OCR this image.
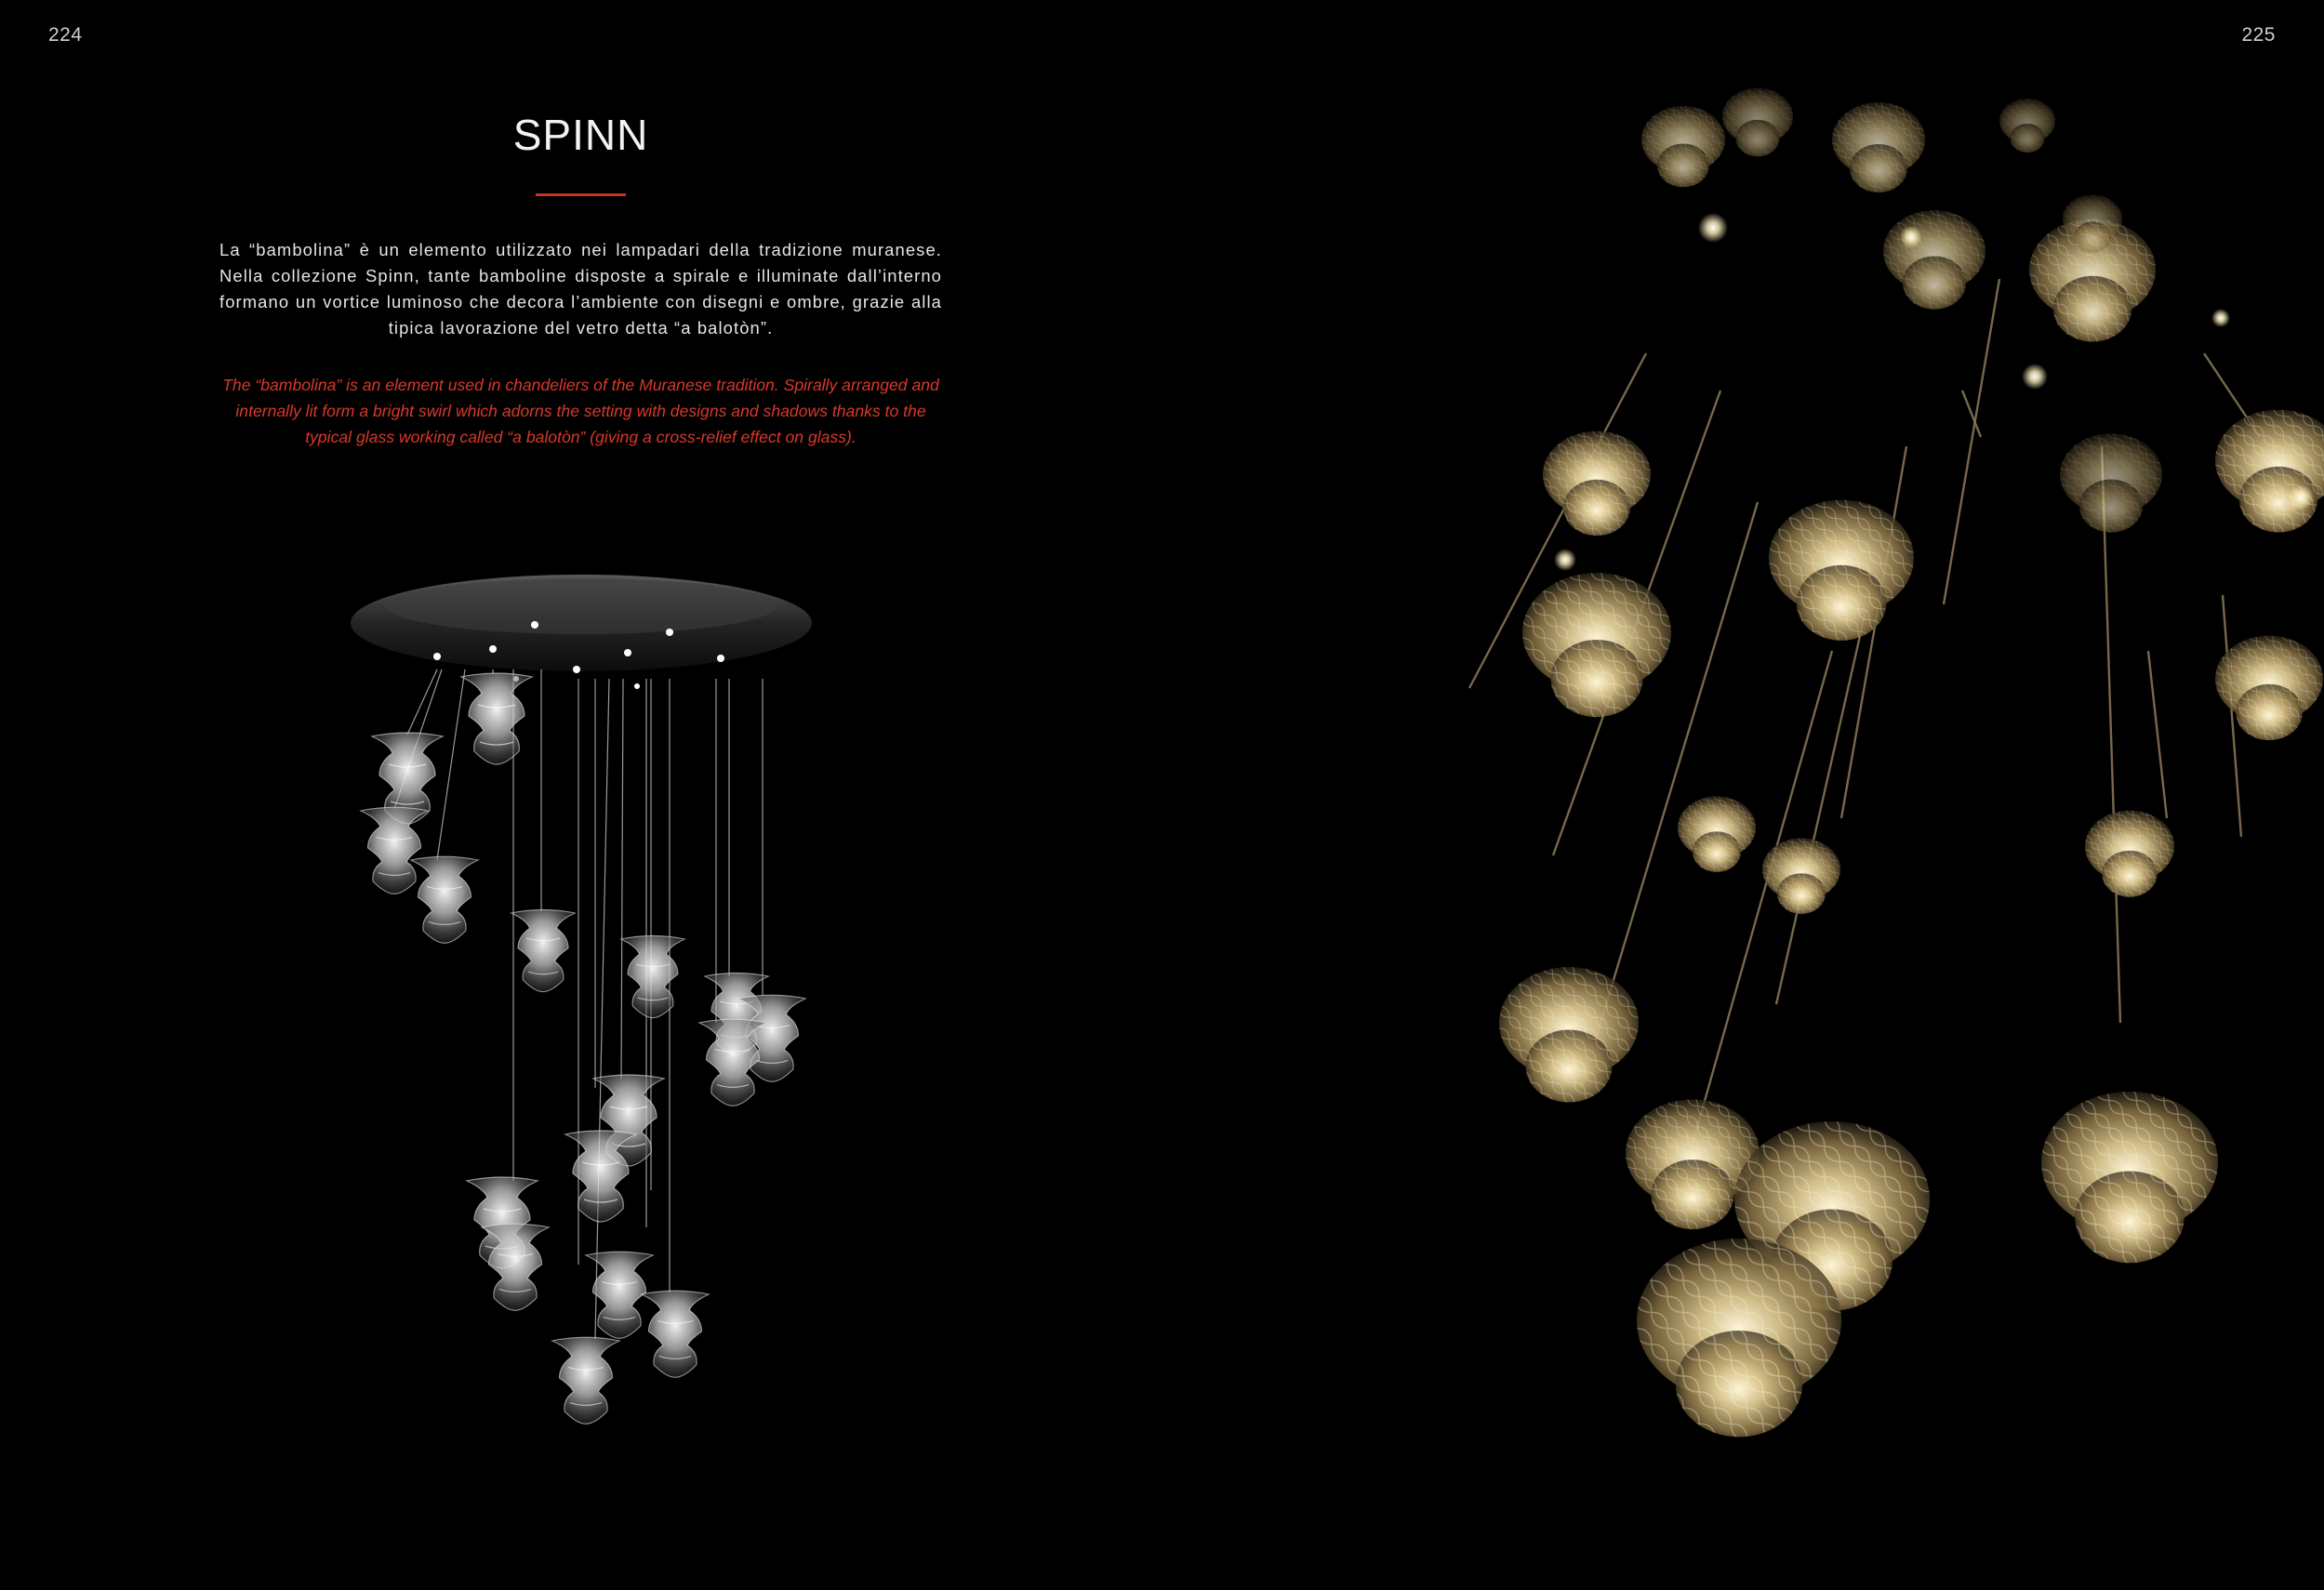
224
SPINN
La “bambolina” è un elemento utilizzato nei lampadari della tradizione muranese. Nella collezione Spinn, tante bamboline disposte a spirale e illuminate dall’interno formano un vortice luminoso che decora l’ambiente con disegni e ombre, grazie alla tipica lavorazione del vetro detta “a balotòn”.
The “bambolina” is an element used in chandeliers of the Muranese tradition. Spirally arranged and internally lit form a bright swirl which adorns the setting with designs and shadows thanks to the typical glass working called “a balotòn” (giving a cross-relief effect on glass).
225
